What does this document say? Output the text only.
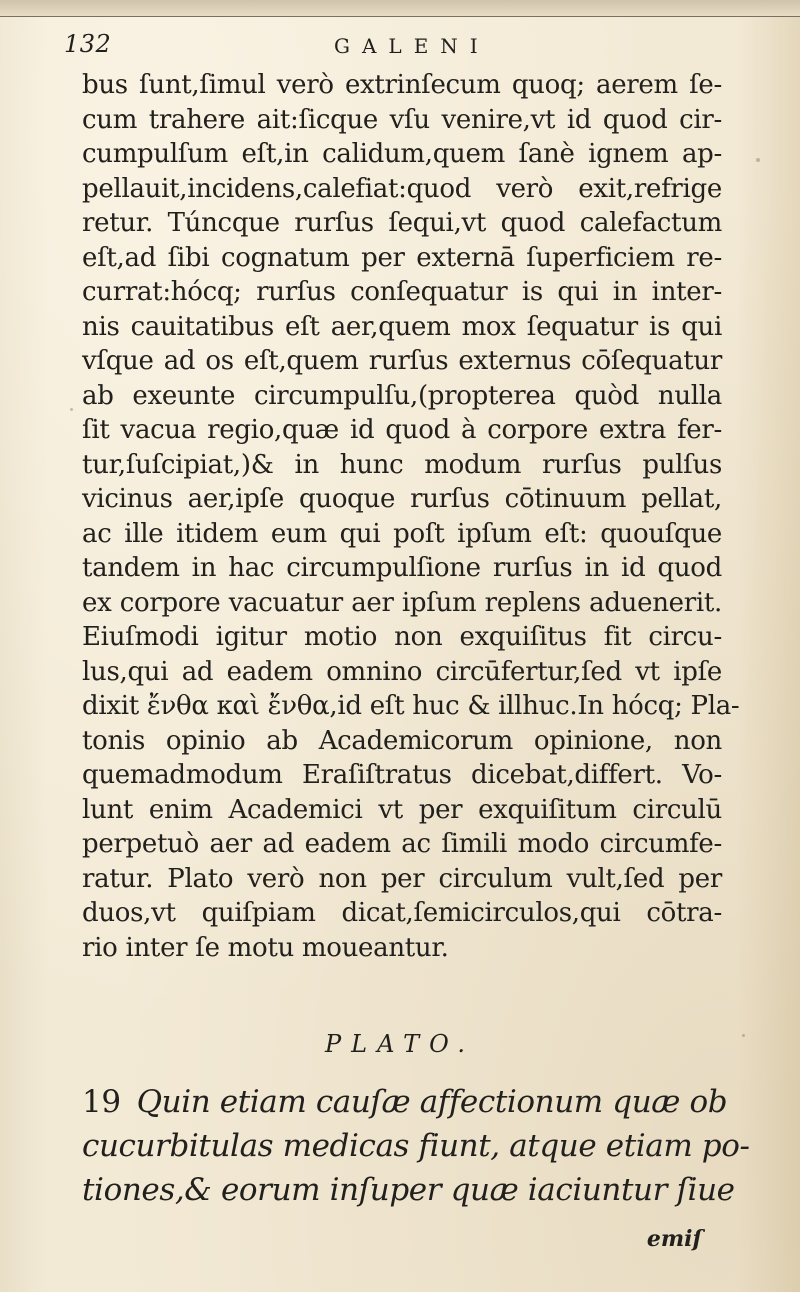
132	GALENI
bus ſunt,ſimul verò extrinſecum quoq; aerem ſe-
cum trahere ait:ſicque vſu venire,vt id quod cir-
cumpulſum eſt,in calidum,quem ſanè ignem ap-
pellauit,incidens,calefiat:quod verò exit,refrige
retur. Túncque rurſus ſequi,vt quod calefactum
eſt,ad ſibi cognatum per externā ſuperficiem re-
currat:hócq; rurſus conſequatur is qui in inter-
nis cauitatibus eſt aer,quem mox ſequatur is qui
vſque ad os eſt,quem rurſus externus cōſequatur
ab exeunte circumpulſu,(propterea quòd nulla
ſit vacua regio,quæ id quod à corpore extra fer-
tur,ſuſcipiat,)& in hunc modum rurſus pulſus
vicinus aer,ipſe quoque rurſus cōtinuum pellat,
ac ille itidem eum qui poſt ipſum eſt: quouſque
tandem in hac circumpulſione rurſus in id quod
ex corpore vacuatur aer ipſum replens aduenerit.
Eiuſmodi igitur motio non exquiſitus fit circu-
lus,qui ad eadem omnino circūfertur,ſed vt ipſe
dixit ἔνθα καὶ ἔνθα,id eſt huc & illhuc.In hócq; Pla-
tonis opinio ab Academicorum opinione, non
quemadmodum Eraſiſtratus dicebat,differt. Vo-
lunt enim Academici vt per exquiſitum circulū
perpetuò aer ad eadem ac ſimili modo circumfe-
ratur. Plato verò non per circulum vult,ſed per
duos,vt quiſpiam dicat,ſemicirculos,qui cōtra-
rio inter ſe motu moueantur.
PLATO.
19 Quin etiam cauſæ affectionum quæ ob
cucurbitulas medicas fiunt, atque etiam po-
tiones,& eorum inſuper quæ iaciuntur ſiue
emiſ
